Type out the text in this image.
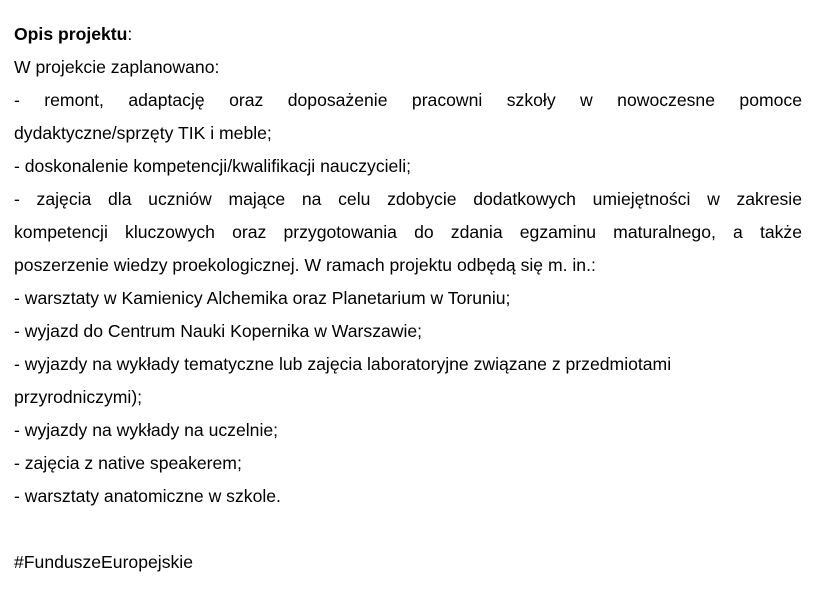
Opis projektu:
W projekcie zaplanowano:
- remont, adaptację oraz doposażenie pracowni szkoły w nowoczesne pomoce
dydaktyczne/sprzęty TIK i meble;
- doskonalenie kompetencji/kwalifikacji nauczycieli;
- zajęcia dla uczniów mające na celu zdobycie dodatkowych umiejętności w zakresie
kompetencji kluczowych oraz przygotowania do zdania egzaminu maturalnego, a także
poszerzenie wiedzy proekologicznej. W ramach projektu odbędą się m. in.:
- warsztaty w Kamienicy Alchemika oraz Planetarium w Toruniu;
- wyjazd do Centrum Nauki Kopernika w Warszawie;
- wyjazdy na wykłady tematyczne lub zajęcia laboratoryjne związane z przedmiotami
przyrodniczymi);
- wyjazdy na wykłady na uczelnie;
- zajęcia z native speakerem;
- warsztaty anatomiczne w szkole.
#FunduszeEuropejskie
